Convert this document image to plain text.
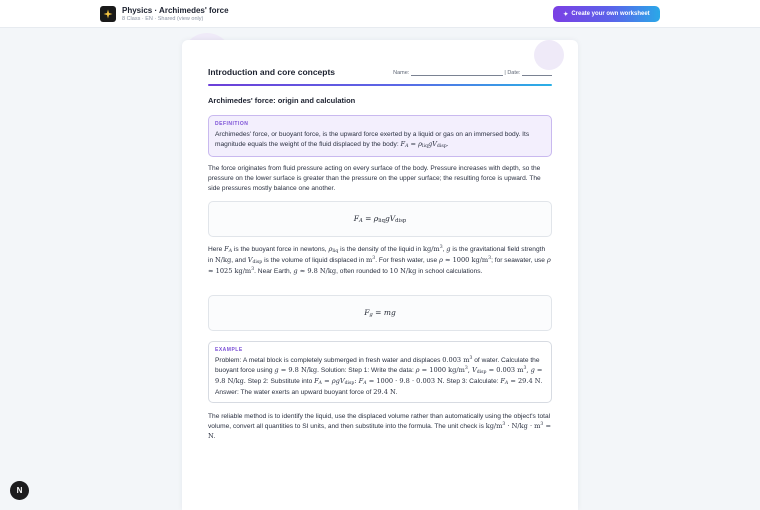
Physics · Archimedes' force
8 Class · EN · Shared (view only)
✦ Create your own worksheet
Introduction and core concepts	Name:	| Date:
Archimedes' force: origin and calculation
DEFINITION
Archimedes' force, or buoyant force, is the upward force exerted by a liquid or gas on an immersed body. Its magnitude equals the weight of the fluid displaced by the body: $F_A = \rho_{liq}gV_{disp}$.
The force originates from fluid pressure acting on every surface of the body. Pressure increases with depth, so the pressure on the lower surface is greater than the pressure on the upper surface; the resulting force is upward. The side pressures mostly balance one another.
$F_A = \rho_{liq}gV_{disp}$
Here $F_A$ is the buoyant force in newtons, $\rho_{liq}$ is the density of the liquid in $kg/m^3$, g is the gravitational field strength in N/kg, and $V_{disp}$ is the volume of liquid displaced in $m^3$. For fresh water, use ρ ≈ 1000 $kg/m^3$; for seawater, use ρ ≈ 1025 $kg/m^3$. Near Earth, g ≈ 9.8 N/kg, often rounded to 10 N/kg in school calculations.
$F_g$ = mg
EXAMPLE
Problem: A metal block is completely submerged in fresh water and displaces 0.003 $m^3$ of water. Calculate the buoyant force using g = 9.8 N/kg. Solution: Step 1: Write the data: ρ = 1000 $kg/m^3$, $V_{disp} = 0.003$ $m^3$, g = 9.8 N/kg. Step 2: Substitute into $F_A = \rho gV_{disp}$: $F_A = 1000 \cdot 9.8 \cdot 0.003$ N. Step 3: Calculate: $F_A = 29.4$ N. Answer: The water exerts an upward buoyant force of 29.4 N.
The reliable method is to identify the liquid, use the displaced volume rather than automatically using the object's total volume, convert all quantities to SI units, and then substitute into the formula. The unit check is $kg/m^3 \cdot N/kg \cdot m^3 = N$.
N
